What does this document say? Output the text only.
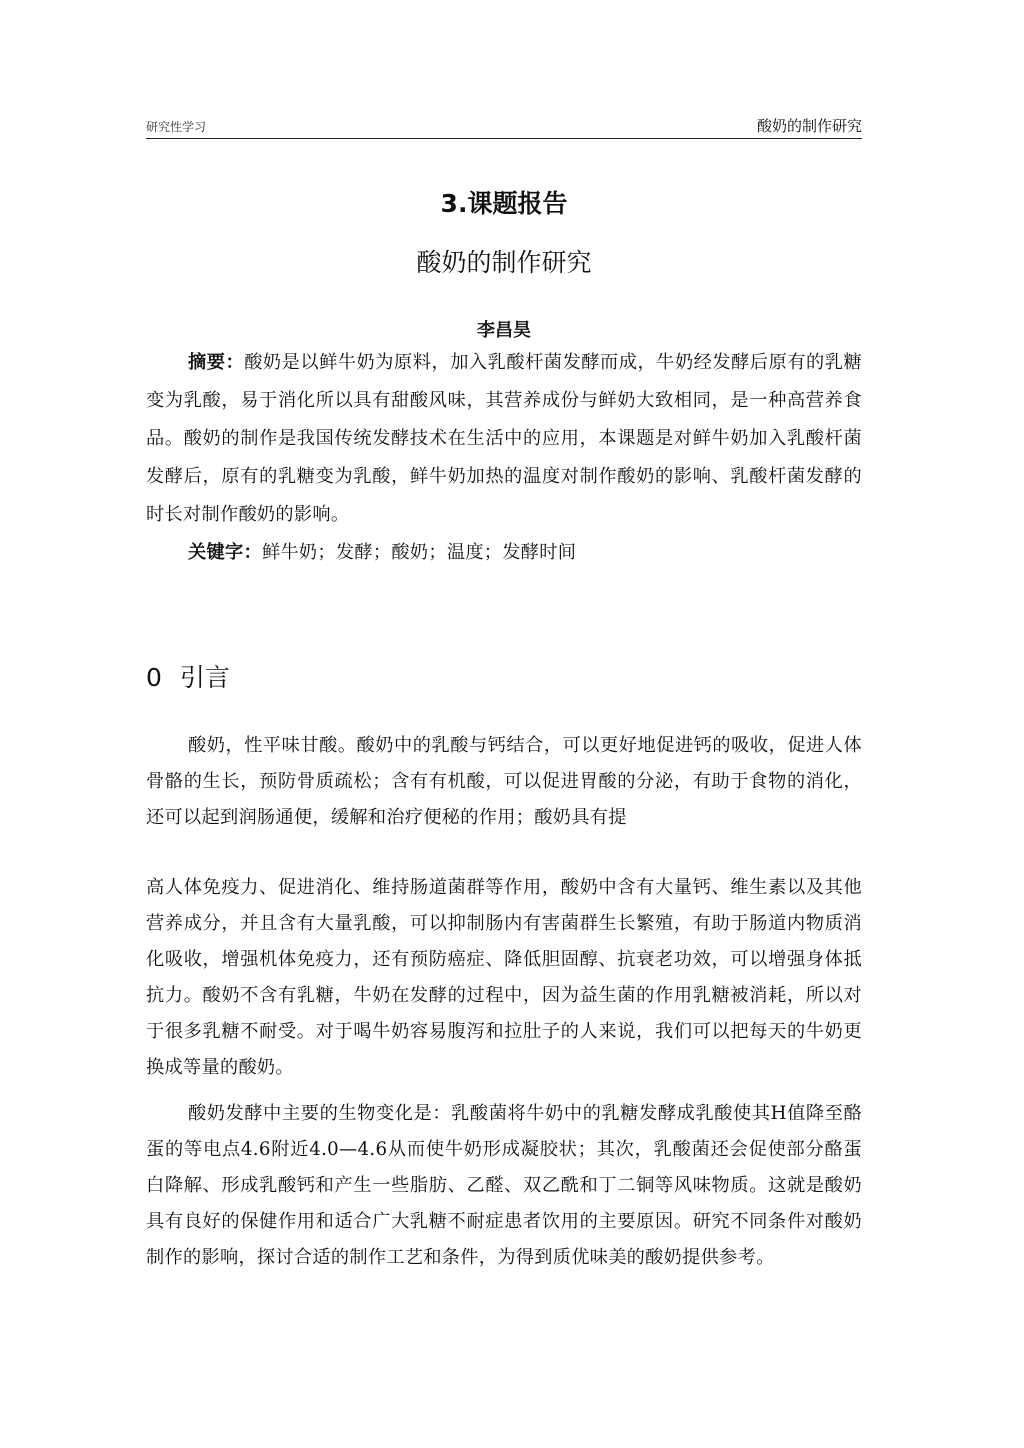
研究性学习	酸奶的制作研究
3.课题报告
酸奶的制作研究
李昌昊

摘要：酸奶是以鲜牛奶为原料，加入乳酸杆菌发酵而成，牛奶经发酵后原有的乳糖变为乳酸，易于消化所以具有甜酸风味，其营养成份与鲜奶大致相同，是一种高营养食品。酸奶的制作是我国传统发酵技术在生活中的应用，本课题是对鲜牛奶加入乳酸杆菌发酵后，原有的乳糖变为乳酸，鲜牛奶加热的温度对制作酸奶的影响、乳酸杆菌发酵的时长对制作酸奶的影响。

关键字：鲜牛奶；发酵；酸奶；温度；发酵时间

0 引言

酸奶，性平味甘酸。酸奶中的乳酸与钙结合，可以更好地促进钙的吸收，促进人体骨骼的生长，预防骨质疏松；含有有机酸，可以促进胃酸的分泌，有助于食物的消化，还可以起到润肠通便，缓解和治疗便秘的作用；酸奶具有提

高人体免疫力、促进消化、维持肠道菌群等作用，酸奶中含有大量钙、维生素以及其他营养成分，并且含有大量乳酸，可以抑制肠内有害菌群生长繁殖，有助于肠道内物质消化吸收，增强机体免疫力，还有预防癌症、降低胆固醇、抗衰老功效，可以增强身体抵抗力。酸奶不含有乳糖，牛奶在发酵的过程中，因为益生菌的作用乳糖被消耗，所以对于很多乳糖不耐受。对于喝牛奶容易腹泻和拉肚子的人来说，我们可以把每天的牛奶更换成等量的酸奶。

酸奶发酵中主要的生物变化是：乳酸菌将牛奶中的乳糖发酵成乳酸使其H值降至酪蛋的等电点4.6附近4.0—4.6从而使牛奶形成凝胶状；其次，乳酸菌还会促使部分酪蛋白降解、形成乳酸钙和产生一些脂肪、乙醛、双乙酰和丁二铜等风味物质。这就是酸奶具有良好的保健作用和适合广大乳糖不耐症患者饮用的主要原因。研究不同条件对酸奶制作的影响，探讨合适的制作工艺和条件，为得到质优味美的酸奶提供参考。
